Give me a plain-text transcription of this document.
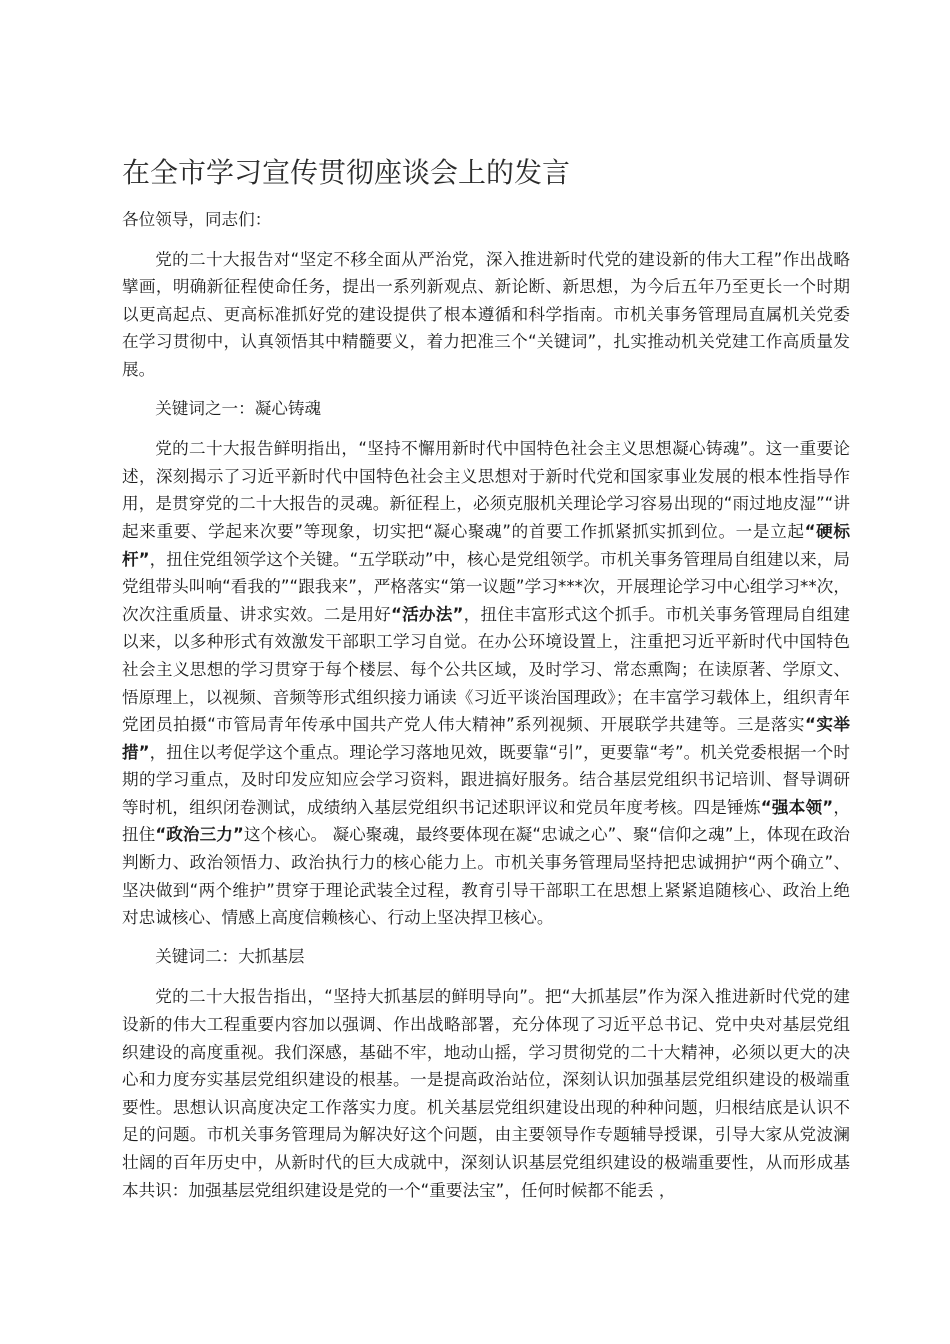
在全市学习宣传贯彻座谈会上的发言

各位领导，同志们：

党的二十大报告对“坚定不移全面从严治党，深入推进新时代党的建设新的伟大工程”作出战略擘画，明确新征程使命任务，提出一系列新观点、新论断、新思想，为今后五年乃至更长一个时期以更高起点、更高标准抓好党的建设提供了根本遵循和科学指南。市机关事务管理局直属机关党委在学习贯彻中，认真领悟其中精髓要义，着力把准三个“关键词”，扎实推动机关党建工作高质量发展。

关键词之一：凝心铸魂

党的二十大报告鲜明指出，“坚持不懈用新时代中国特色社会主义思想凝心铸魂”。这一重要论述，深刻揭示了习近平新时代中国特色社会主义思想对于新时代党和国家事业发展的根本性指导作用，是贯穿党的二十大报告的灵魂。新征程上，必须克服机关理论学习容易出现的“雨过地皮湿”“讲起来重要、学起来次要”等现象，切实把“凝心聚魂”的首要工作抓紧抓实抓到位。一是立起“硬标杆”，扭住党组领学这个关键。“五学联动”中，核心是党组领学。市机关事务管理局自组建以来，局党组带头叫响“看我的”“跟我来”，严格落实“第一议题”学习***次，开展理论学习中心组学习**次，次次注重质量、讲求实效。二是用好“活办法”，扭住丰富形式这个抓手。市机关事务管理局自组建以来，以多种形式有效激发干部职工学习自觉。在办公环境设置上，注重把习近平新时代中国特色社会主义思想的学习贯穿于每个楼层、每个公共区域，及时学习、常态熏陶；在读原著、学原文、悟原理上，以视频、音频等形式组织接力诵读《习近平谈治国理政》；在丰富学习载体上，组织青年党团员拍摄“市管局青年传承中国共产党人伟大精神”系列视频、开展联学共建等。三是落实“实举措”，扭住以考促学这个重点。理论学习落地见效，既要靠“引”，更要靠“考”。机关党委根据一个时期的学习重点，及时印发应知应会学习资料，跟进搞好服务。结合基层党组织书记培训、督导调研等时机，组织闭卷测试，成绩纳入基层党组织书记述职评议和党员年度考核。四是锤炼“强本领”，扭住“政治三力”这个核心。 凝心聚魂，最终要体现在凝“忠诚之心”、聚“信仰之魂”上，体现在政治判断力、政治领悟力、政治执行力的核心能力上。市机关事务管理局坚持把忠诚拥护“两个确立”、坚决做到“两个维护”贯穿于理论武装全过程，教育引导干部职工在思想上紧紧追随核心、政治上绝对忠诚核心、情感上高度信赖核心、行动上坚决捍卫核心。

关键词二：大抓基层

党的二十大报告指出，“坚持大抓基层的鲜明导向”。把“大抓基层”作为深入推进新时代党的建设新的伟大工程重要内容加以强调、作出战略部署，充分体现了习近平总书记、党中央对基层党组织建设的高度重视。我们深感，基础不牢，地动山摇，学习贯彻党的二十大精神，必须以更大的决心和力度夯实基层党组织建设的根基。一是提高政治站位，深刻认识加强基层党组织建设的极端重要性。思想认识高度决定工作落实力度。机关基层党组织建设出现的种种问题，归根结底是认识不足的问题。市机关事务管理局为解决好这个问题，由主要领导作专题辅导授课，引导大家从党波澜壮阔的百年历史中，从新时代的巨大成就中，深刻认识基层党组织建设的极端重要性，从而形成基本共识：加强基层党组织建设是党的一个“重要法宝”，任何时候都不能丢 ，
